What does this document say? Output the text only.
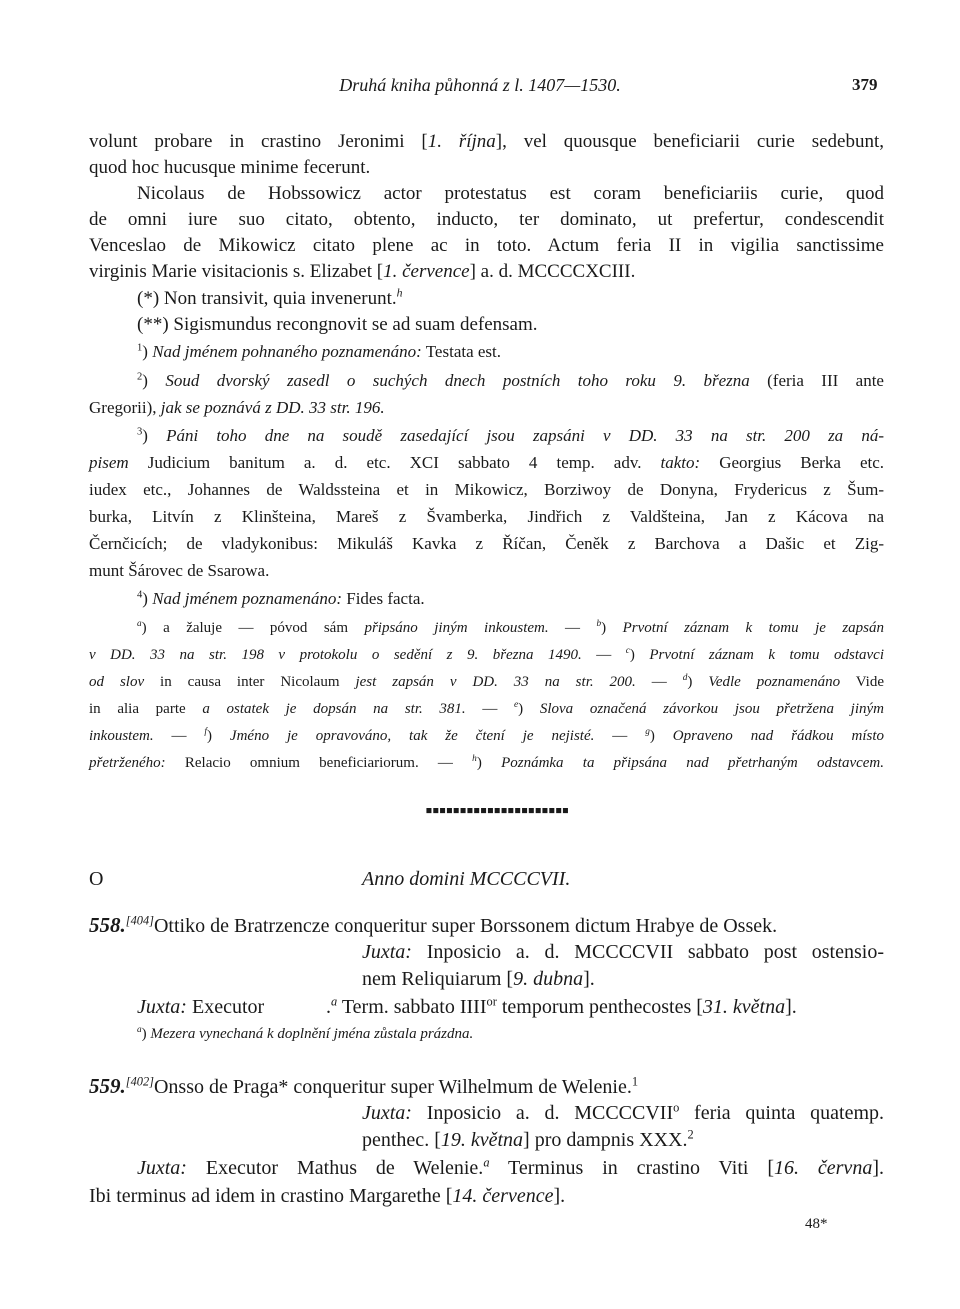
Druhá kniha půhonná z l. 1407—1530.	379
volunt probare in crastino Jeronimi [1. října], vel quousque beneficiarii curie sedebunt,
quod hoc hucusque minime fecerunt.
Nicolaus de Hobssowicz actor protestatus est coram beneficiariis curie, quod
de omni iure suo citato, obtento, inducto, ter dominato, ut prefertur, condescendit
Venceslao de Mikowicz citato plene ac in toto. Actum feria II in vigilia sanctissime
virginis Marie visitacionis s. Elizabet [1. července] a. d. MCCCCXCIII.
(*) Non transivit, quia invenerunt.$^h$
(**) Sigismundus recongnovit se ad suam defensam.
$^1$) Nad jménem pohnaného poznamenáno: Testata est.
$^2$) Soud dvorský zasedl o suchých dnech postních toho roku 9. března (feria III ante
Gregorii), jak se poznává z DD. 33 str. 196.
$^3$) Páni toho dne na soudě zasedající jsou zapsáni v DD. 33 na str. 200 za ná-
pisem Judicium banitum a. d. etc. XCI sabbato 4 temp. adv. takto: Georgius Berka etc.
iudex etc., Johannes de Waldssteina et in Mikowicz, Borziwoy de Donyna, Frydericus z Šum-
burka, Litvín z Klinšteina, Mareš z Švamberka, Jindřich z Valdšteina, Jan z Kácova na
Černčicích; de vladykonibus: Mikuláš Kavka z Říčan, Čeněk z Barchova a Dašic et Zig-
munt Šárovec de Ssarowa.
$^4$) Nad jménem poznamenáno: Fides facta.
$^a$) a žaluje — póvod sám připsáno jiným inkoustem. — $^b$) Prvotní záznam k tomu je zapsán
v DD. 33 na str. 198 v protokolu o sedění z 9. března 1490. — $^c$) Prvotní záznam k tomu odstavci
od slov in causa inter Nicolaum jest zapsán v DD. 33 na str. 200. — $^d$) Vedle poznamenáno Vide
in alia parte a ostatek je dopsán na str. 381. — $^e$) Slova označená závorkou jsou přetržena jiným
inkoustem. — $^f$) Jméno je opravováno, tak že čtení je nejisté. — $^g$) Opraveno nad řádkou místo
přetrženého: Relacio omnium beneficiariorum. — $^h$) Poznámka ta připsána nad přetrhaným odstavcem.
▪▪▪▪▪▪▪▪▪▪▪▪▪▪▪▪▪▪▪▪▪
O	Anno domini MCCCCVII.
558.[404]Ottiko de Bratrzencze conqueritur super Borssonem dictum Hrabye de Ossek.
Juxta: Inposicio a. d. MCCCCVII sabbato post ostensio-
nem Reliquiarum [9. dubna].
Juxta: Executor	.$^a$ Term. sabbato $IIII^{or}$ temporum penthecostes [31. května].
$^a$) Mezera vynechaná k doplnění jména zůstala prázdna.
559.[402]Onsso de Praga* conqueritur super Wilhelmum de Welenie.$^1$
Juxta: Inposicio a. d. MCCCCVII$^o$ feria quinta quatemp.
penthec. [19. května] pro dampnis XXX.$^2$
Juxta: Executor Mathus de Welenie.$^a$ Terminus in crastino Viti [16. června].
Ibi terminus ad idem in crastino Margarethe [14. července].
48*
